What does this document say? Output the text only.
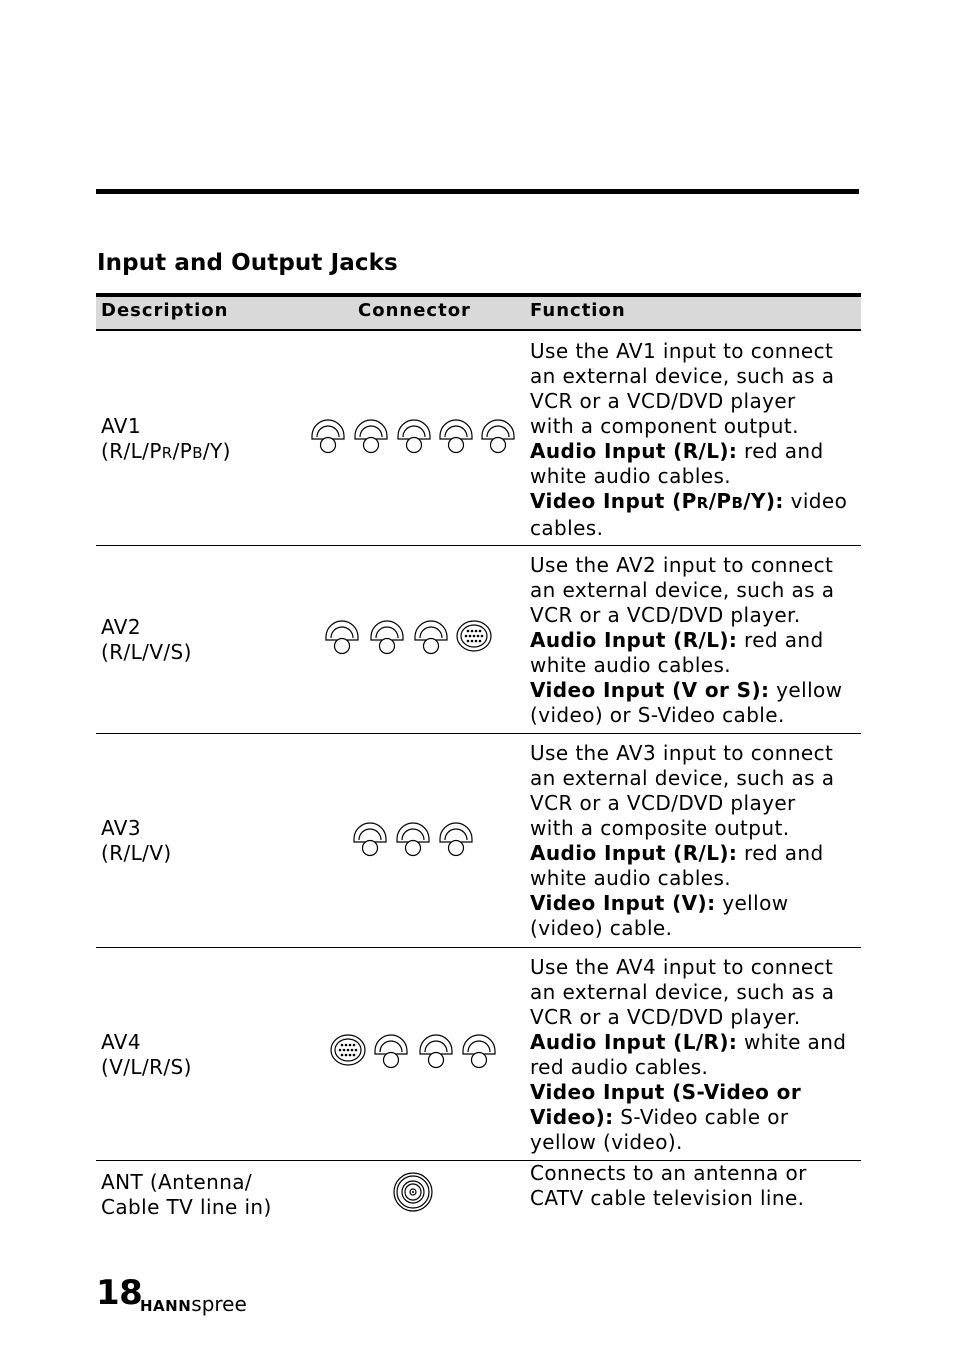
Input and Output Jacks
Description	Connector	Function
AV1
(R/L/PR/PB/Y)
Use the AV1 input to connect
an external device, such as a
VCR or a VCD/DVD player
with a component output.
Audio Input (R/L): red and
white audio cables.
Video Input (PR/PB/Y): video
cables.
AV2
(R/L/V/S)
Use the AV2 input to connect
an external device, such as a
VCR or a VCD/DVD player.
Audio Input (R/L): red and
white audio cables.
Video Input (V or S): yellow
(video) or S-Video cable.
AV3
(R/L/V)
Use the AV3 input to connect
an external device, such as a
VCR or a VCD/DVD player
with a composite output.
Audio Input (R/L): red and
white audio cables.
Video Input (V): yellow
(video) cable.
AV4
(V/L/R/S)
Use the AV4 input to connect
an external device, such as a
VCR or a VCD/DVD player.
Audio Input (L/R): white and
red audio cables.
Video Input (S-Video or
Video): S-Video cable or
yellow (video).
ANT (Antenna/
Cable TV line in)
Connects to an antenna or
CATV cable television line.
18
HANNspree
